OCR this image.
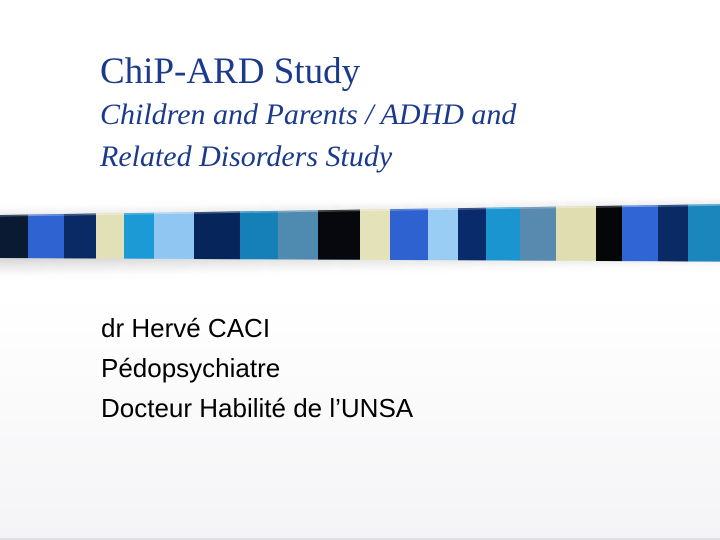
ChiP-ARD Study

Children and Parents / ADHD and

Related Disorders Study

dr Hervé CACI
Pédopsychiatre
Docteur Habilité de l’UNSA
